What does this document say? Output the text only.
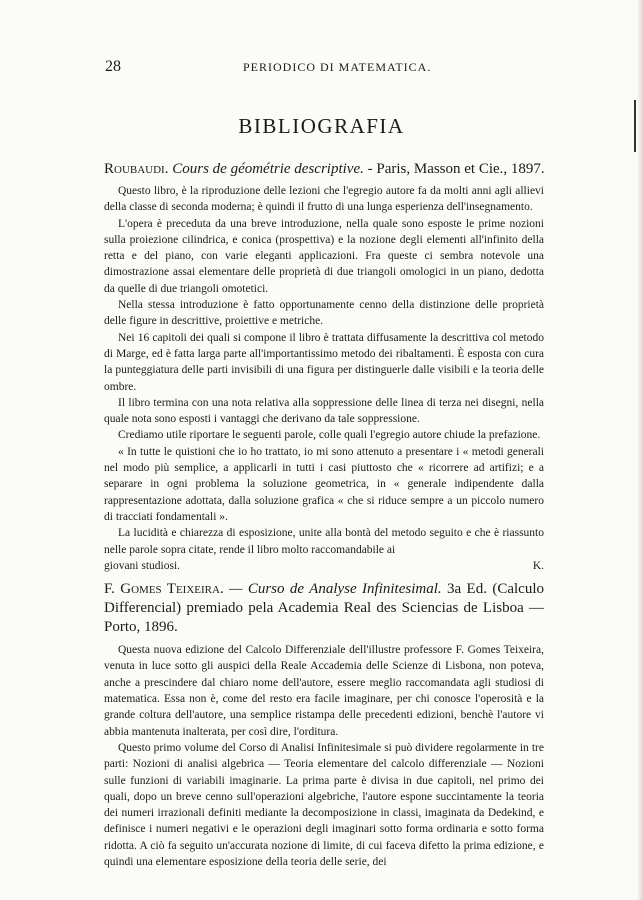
28	PERIODICO DI MATEMATICA.
BIBLIOGRAFIA
Roubaudi. Cours de géométrie descriptive. - Paris, Masson et Cie., 1897.

Questo libro, è la riproduzione delle lezioni che l'egregio autore fa da molti anni agli allievi della classe di seconda moderna; è quindi il frutto di una lunga esperienza dell'insegnamento.

L'opera è preceduta da una breve introduzione, nella quale sono esposte le prime nozioni sulla proiezione cilindrica, e conica (prospettiva) e la nozione degli elementi all'infinito della retta e del piano, con varie eleganti applicazioni. Fra queste ci sembra notevole una dimostrazione assai elementare delle proprietà di due triangoli omologici in un piano, dedotta da quelle di due triangoli omotetici.

Nella stessa introduzione è fatto opportunamente cenno della distinzione delle proprietà delle figure in descrittive, proiettive e metriche.

Nei 16 capitoli dei quali si compone il libro è trattata diffusamente la descrittiva col metodo di Marge, ed è fatta larga parte all'importantissimo metodo dei ribaltamenti. È esposta con cura la punteggiatura delle parti invisibili di una figura per distinguerle dalle visibili e la teoria delle ombre.

Il libro termina con una nota relativa alla soppressione delle linea di terza nei disegni, nella quale nota sono esposti i vantaggi che derivano da tale soppressione.

Crediamo utile riportare le seguenti parole, colle quali l'egregio autore chiude la prefazione.

« In tutte le quistioni che io ho trattato, io mi sono attenuto a presentare i « metodi generali nel modo più semplice, a applicarli in tutti i casi piuttosto che « ricorrere ad artifizi; e a separare in ogni problema la soluzione geometrica, in « generale indipendente dalla rappresentazione adottata, dalla soluzione grafica « che si riduce sempre a un piccolo numero di tracciati fondamentali ».

La lucidità e chiarezza di esposizione, unite alla bontà del metodo seguito e che è riassunto nelle parole sopra citate, rende il libro molto raccomandabile ai

giovani studiosi.	K.
F. Gomes Teixeira. — Curso de Analyse Infinitesimal. 3a Ed. (Calculo Differencial) premiado pela Academia Real des Sciencias de Lisboa — Porto, 1896.

Questa nuova edizione del Calcolo Differenziale dell'illustre professore F. Gomes Teixeira, venuta in luce sotto gli auspici della Reale Accademia delle Scienze di Lisbona, non poteva, anche a prescindere dal chiaro nome dell'autore, essere meglio raccomandata agli studiosi di matematica. Essa non è, come del resto era facile imaginare, per chi conosce l'operosità e la grande coltura dell'autore, una semplice ristampa delle precedenti edizioni, benchè l'autore vi abbia mantenuta inalterata, per così dire, l'orditura.

Questo primo volume del Corso di Analisi Infinitesimale si può dividere regolarmente in tre parti: Nozioni di analisi algebrica — Teoria elementare del calcolo differenziale — Nozioni sulle funzioni di variabili imaginarie. La prima parte è divisa in due capitoli, nel primo dei quali, dopo un breve cenno sull'operazioni algebriche, l'autore espone succintamente la teoria dei numeri irrazionali definiti mediante la decomposizione in classi, imaginata da Dedekind, e definisce i numeri negativi e le operazioni degli imaginari sotto forma ordinaria e sotto forma ridotta. A ciò fa seguito un'accurata nozione di limite, di cui faceva difetto la prima edizione, e quindi una elementare esposizione della teoria delle serie, dei
